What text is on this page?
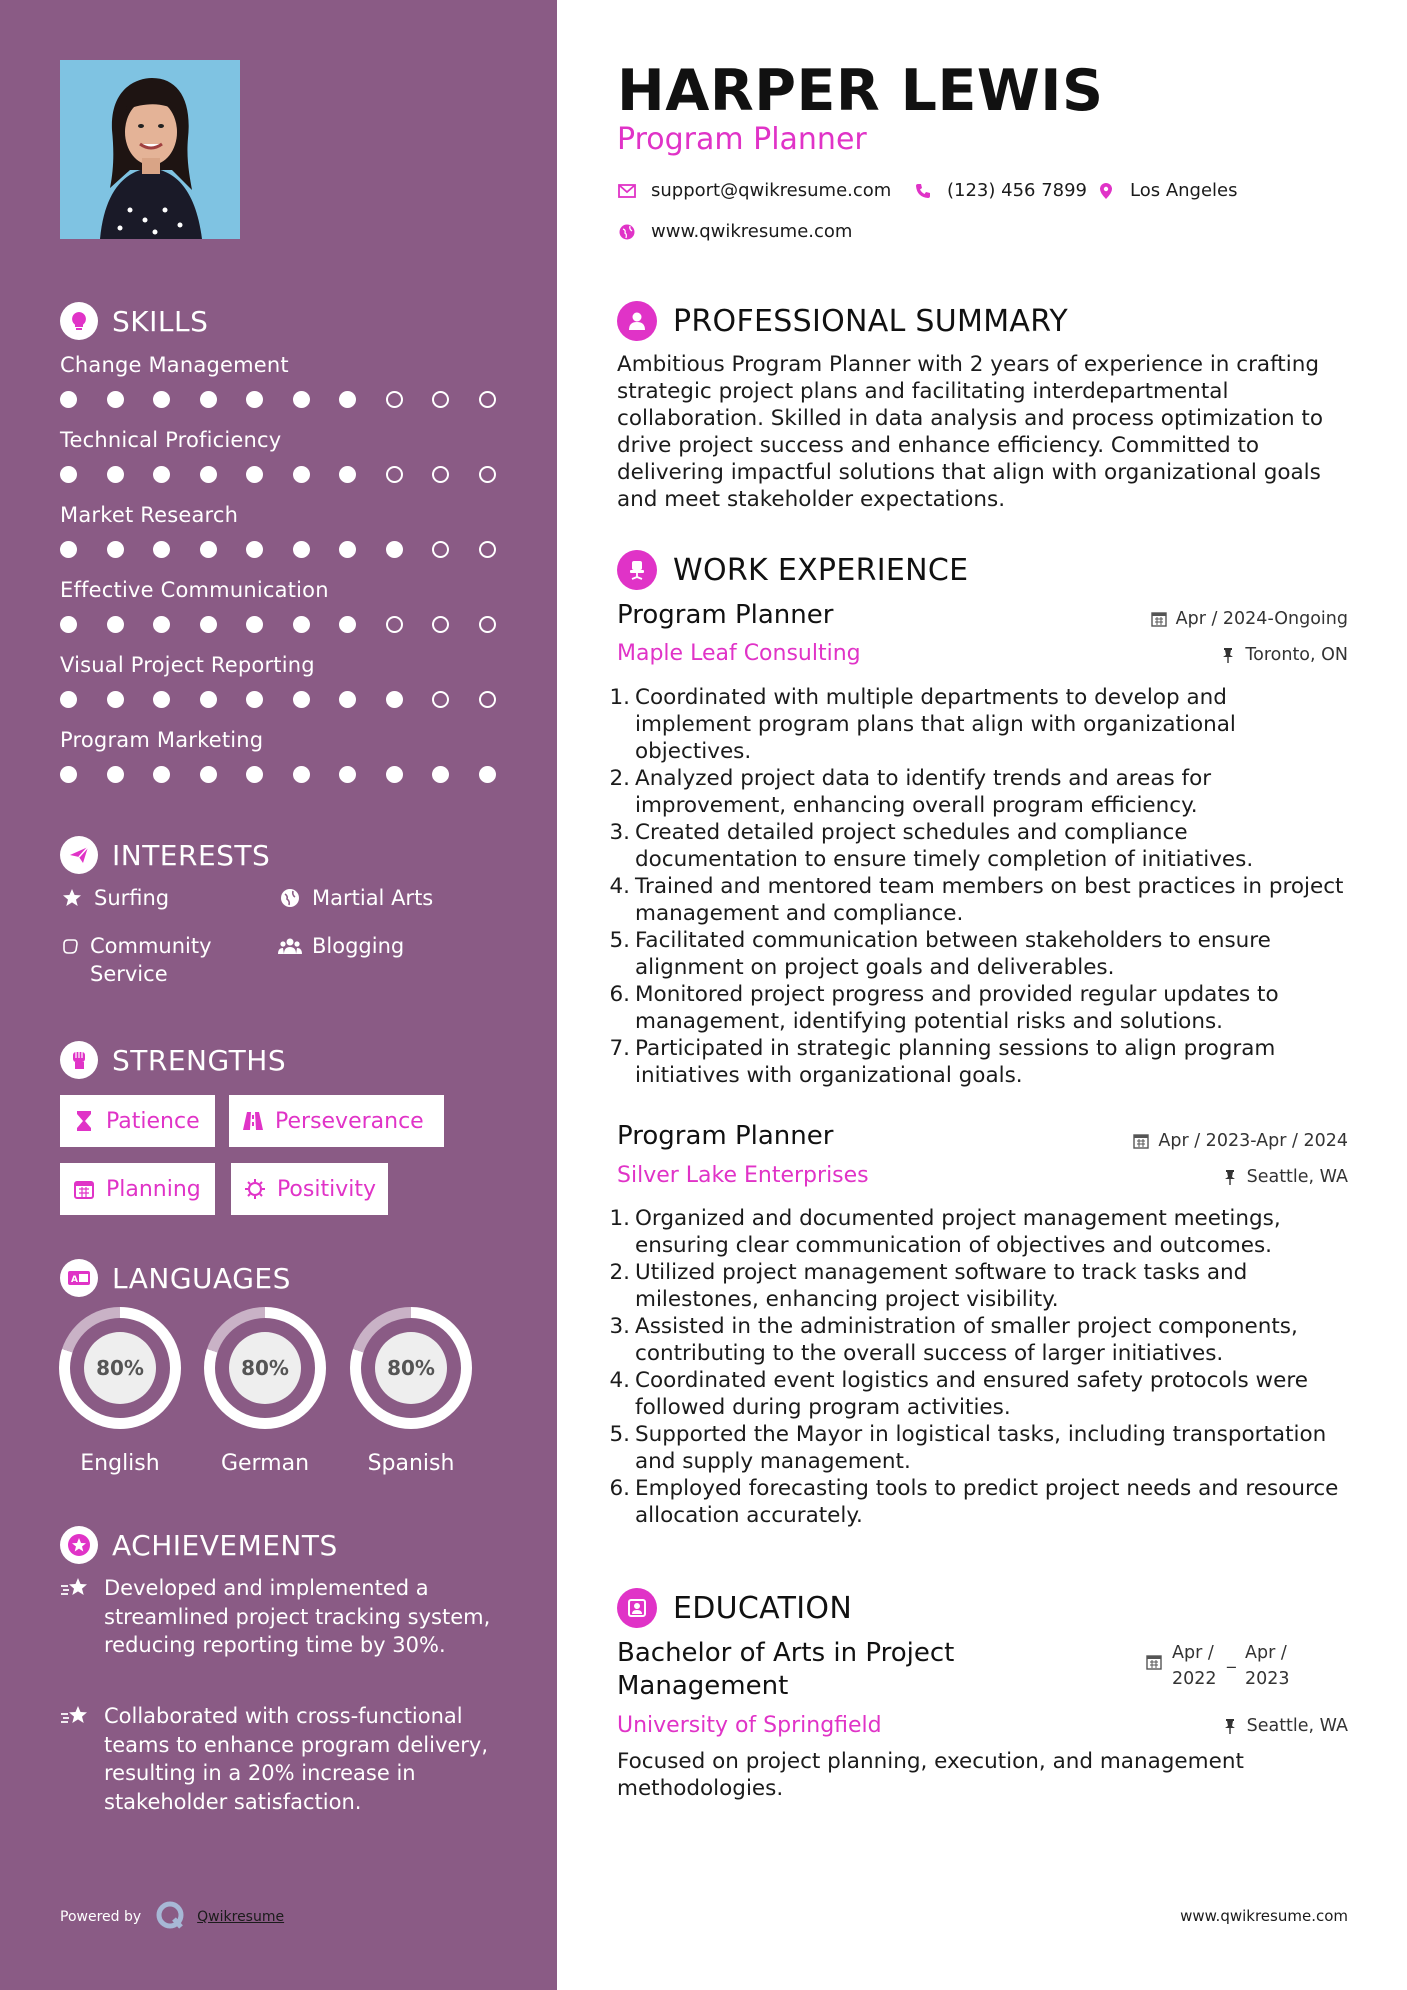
SKILLS
Change Management
Technical Proficiency
Market Research
Effective Communication
Visual Project Reporting
Program Marketing
INTERESTS
Surfing	Martial Arts
Community Service
Blogging
STRENGTHS
Patience	Perseverance
Planning	Positivity
A LANGUAGES
80%
English
80%
German
80%
Spanish
ACHIEVEMENTS
Developed and implemented a streamlined project tracking system, reducing reporting time by 30%.
Collaborated with cross-functional teams to enhance program delivery, resulting in a 20% increase in stakeholder satisfaction.
Powered by	Qwikresume
HARPER LEWIS
Program Planner
support@qwikresume.com	(123) 456 7899 Los Angeles
www.qwikresume.com
PROFESSIONAL SUMMARY
Ambitious Program Planner with 2 years of experience in crafting strategic project plans and facilitating interdepartmental collaboration. Skilled in data analysis and process optimization to drive project success and enhance efficiency. Committed to delivering impactful solutions that align with organizational goals and meet stakeholder expectations.
WORK EXPERIENCE
Program Planner	Apr / 2024-Ongoing
Maple Leaf Consulting	Toronto, ON
1. Coordinated with multiple departments to develop and implement program plans that align with organizational objectives.
2. Analyzed project data to identify trends and areas for improvement, enhancing overall program efficiency.
3. Created detailed project schedules and compliance documentation to ensure timely completion of initiatives.
4. Trained and mentored team members on best practices in project management and compliance.
5. Facilitated communication between stakeholders to ensure alignment on project goals and deliverables.
6. Monitored project progress and provided regular updates to management, identifying potential risks and solutions.
7. Participated in strategic planning sessions to align program initiatives with organizational goals.
Program Planner	Apr / 2023-Apr / 2024
Silver Lake Enterprises	Seattle, WA
1. Organized and documented project management meetings, ensuring clear communication of objectives and outcomes.
2. Utilized project management software to track tasks and milestones, enhancing project visibility.
3. Assisted in the administration of smaller project components, contributing to the overall success of larger initiatives.
4. Coordinated event logistics and ensured safety protocols were followed during program activities.
5. Supported the Mayor in logistical tasks, including transportation and supply management.
6. Employed forecasting tools to predict project needs and resource allocation accurately.
EDUCATION
Bachelor of Arts in Project Management
Apr / 2022
_ Apr / 2023
University of Springfield	Seattle, WA
Focused on project planning, execution, and management methodologies.
www.qwikresume.com
